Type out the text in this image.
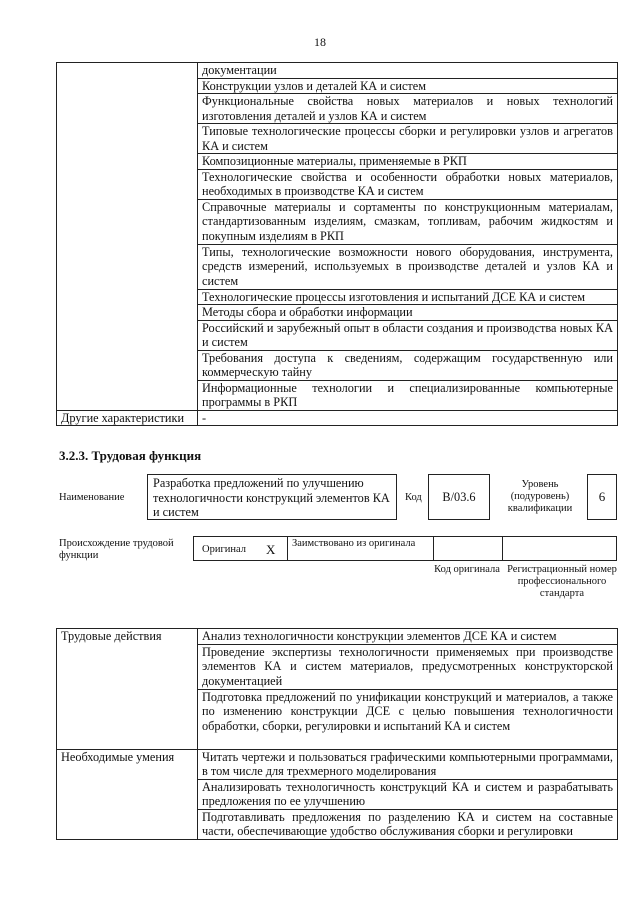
18
	документации
	Конструкции узлов и деталей КА и систем
	Функциональные свойства новых материалов и новых технологий изготовления деталей и узлов КА и систем
	Типовые технологические процессы сборки и регулировки узлов и агрегатов КА и систем
	Композиционные материалы, применяемые в РКП
	Технологические свойства и особенности обработки новых материалов, необходимых в производстве КА и систем
	Справочные материалы и сортаменты по конструкционным материалам, стандартизованным изделиям, смазкам, топливам, рабочим жидкостям и покупным изделиям в РКП
	Типы, технологические возможности нового оборудования, инструмента, средств измерений, используемых в производстве деталей и узлов КА и систем
	Технологические процессы изготовления и испытаний ДСЕ КА и систем
	Методы сбора и обработки информации
	Российский и зарубежный опыт в области создания и производства новых КА и систем
	Требования доступа к сведениям, содержащим государственную или коммерческую тайну
	Информационные технологии и специализированные компьютерные программы в РКП
Другие характеристики	-
3.2.3. Трудовая функция
Наименование
Разработка предложений по улучшению технологичности конструкций элементов КА и систем
Код	B/03.6
Уровень (подуровень) квалификации
6
Происхождение трудовой функции
Оригинал X Заимствовано из оригинала
Код оригинала Регистрационный номер профессионального стандарта
Трудовые действия	Анализ технологичности конструкции элементов ДСЕ КА и систем
	Проведение экспертизы технологичности применяемых при производстве элементов КА и систем материалов, предусмотренных конструкторской документацией
	Подготовка предложений по унификации конструкций и материалов, а также по изменению конструкции ДСЕ с целью повышения технологичности обработки, сборки, регулировки и испытаний КА и систем
Необходимые умения	Читать чертежи и пользоваться графическими компьютерными программами, в том числе для трехмерного моделирования
	Анализировать технологичность конструкций КА и систем и разрабатывать предложения по ее улучшению
	Подготавливать предложения по разделению КА и систем на составные части, обеспечивающие удобство обслуживания сборки и регулировки
